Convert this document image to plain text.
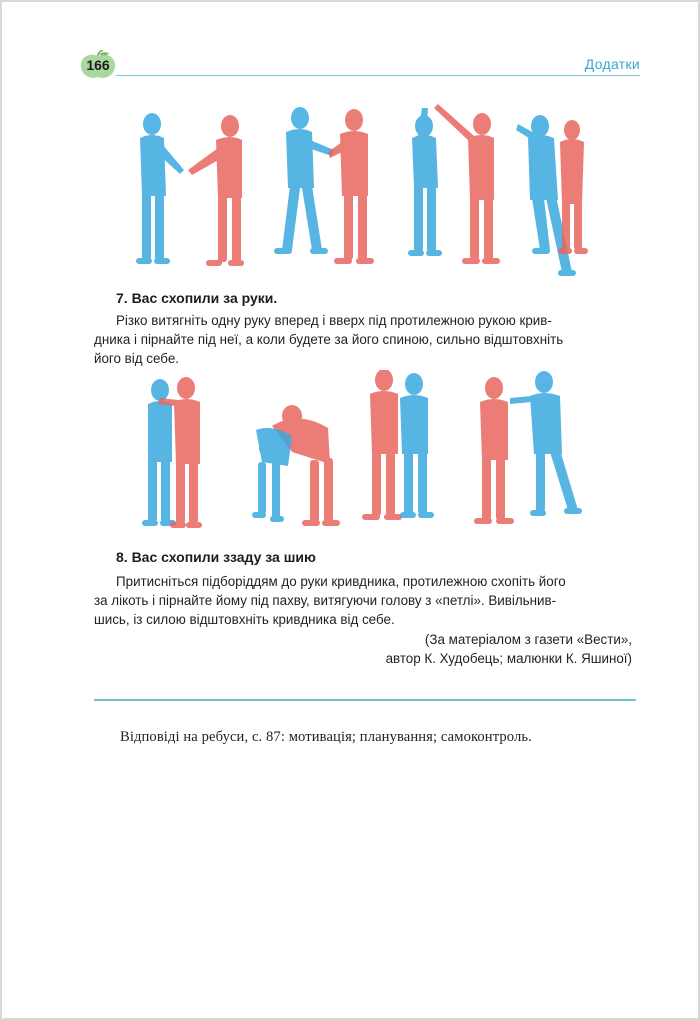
166	Додатки
7. Вас схопили за руки.
Різко витягніть одну руку вперед і вверх під протилежною рукою крив-
дника і пірнайте під неї, а коли будете за його спиною, сильно відштовхніть
його від себе.
8. Вас схопили ззаду за шию
Притисніться підборіддям до руки кривдника, протилежною схопіть його
за лікоть і пірнайте йому під пахву, витягуючи голову з «петлі». Вивільнив-
шись, із силою відштовхніть кривдника від себе.
(За матеріалом з газети «Вести»,
автор К. Худобець; малюнки К. Яшиної)
Відповіді на ребуси, с. 87: мотивація; планування; самоконтроль.
